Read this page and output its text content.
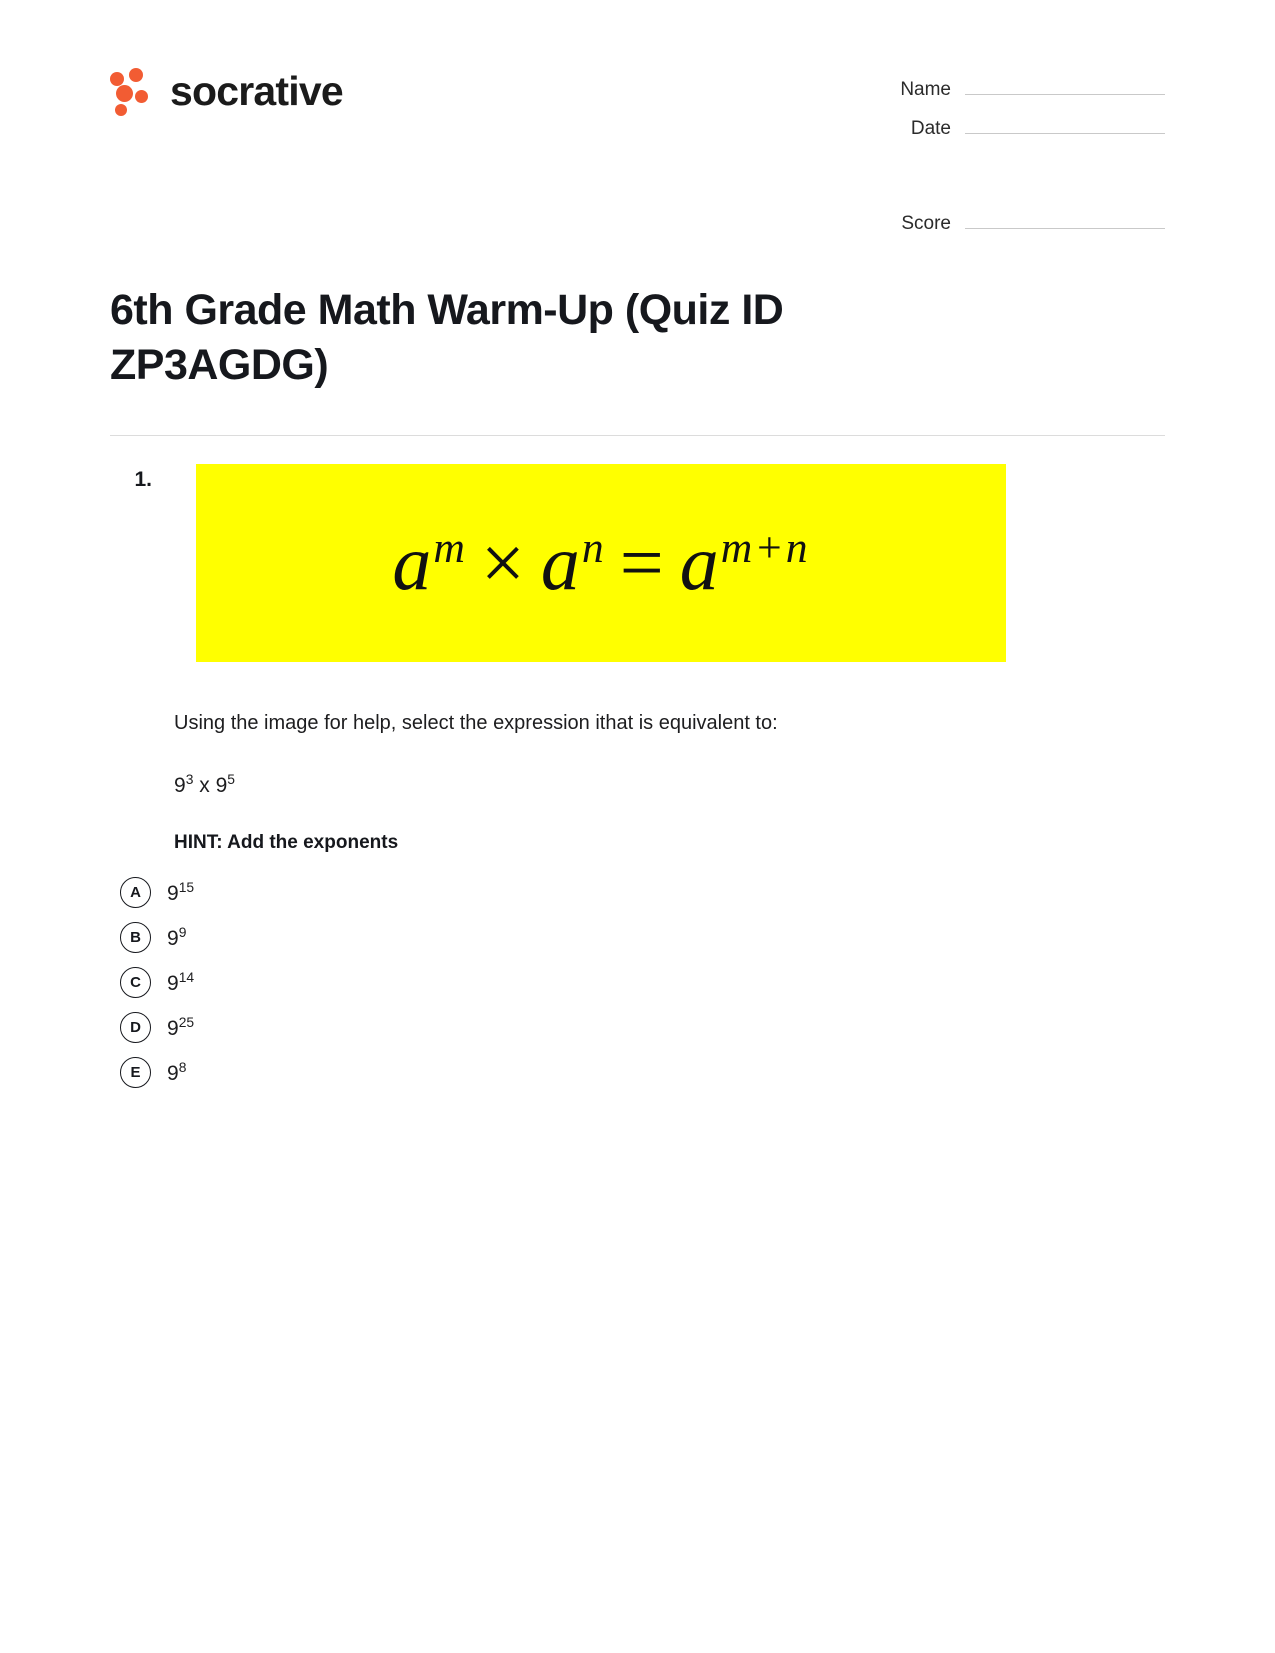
socrative	Name
Date
Score
6th Grade Math Warm-Up (Quiz ID ZP3AGDG)
1.
$a^m \times a^n = a^{m+n}$
Using the image for help, select the expression ithat is equivalent to:
$9^3$ x $9^5$
HINT: Add the exponents
A	$9^{15}$
B	$9^9$
C	$9^{14}$
D	$9^{25}$
E	$9^8$
